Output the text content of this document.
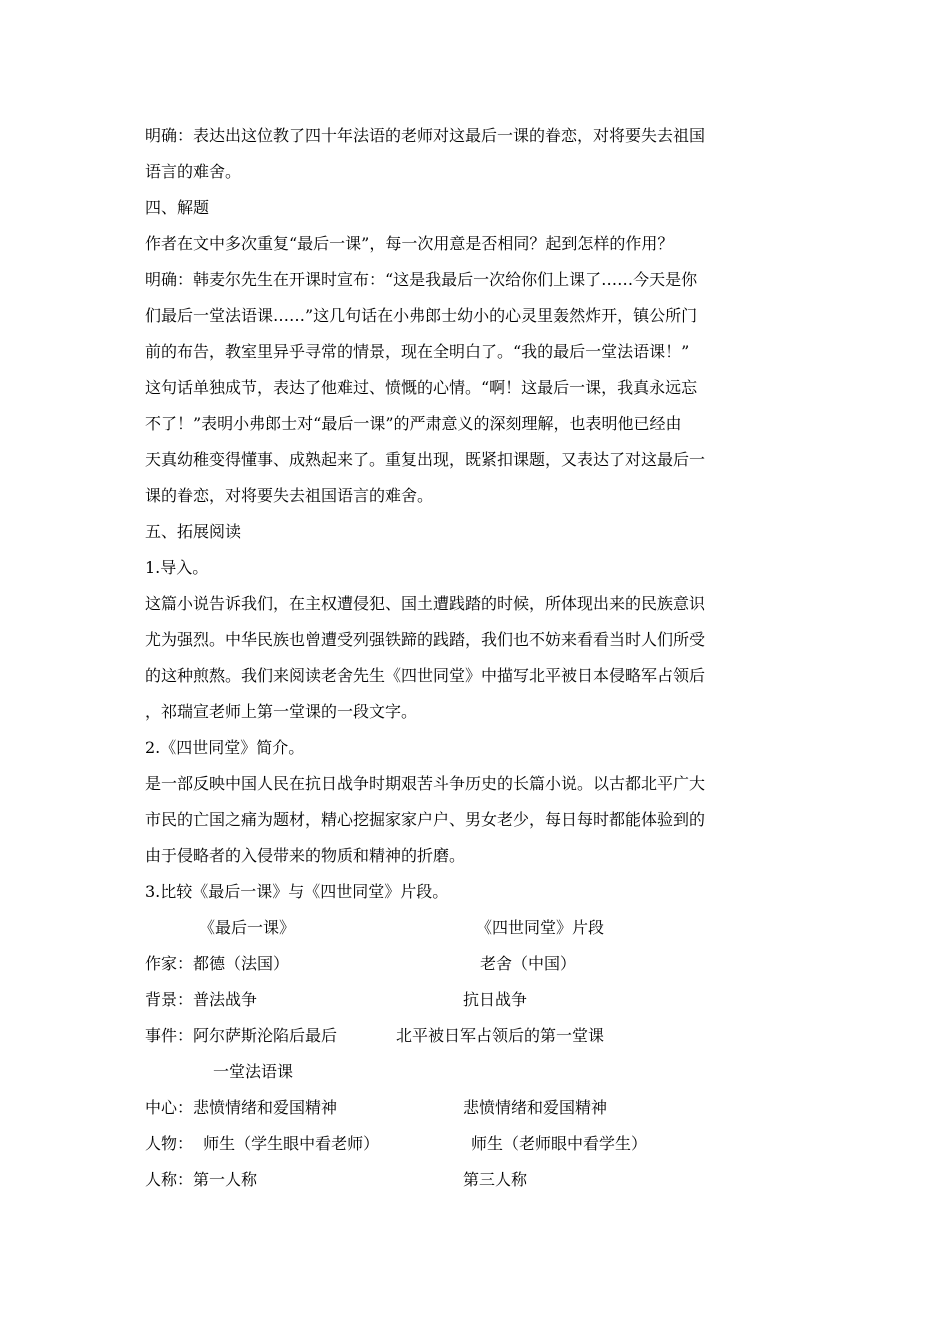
明确：表达出这位教了四十年法语的老师对这最后一课的眷恋，对将要失去祖国
语言的难舍。
四、解题
作者在文中多次重复“最后一课”，每一次用意是否相同？起到怎样的作用？
明确：韩麦尔先生在开课时宣布：“这是我最后一次给你们上课了……今天是你
们最后一堂法语课……”这几句话在小弗郎士幼小的心灵里轰然炸开，镇公所门
前的布告，教室里异乎寻常的情景，现在全明白了。“我的最后一堂法语课！”
这句话单独成节，表达了他难过、愤慨的心情。“啊！这最后一课，我真永远忘
不了！”表明小弗郎士对“最后一课”的严肃意义的深刻理解，也表明他已经由
天真幼稚变得懂事、成熟起来了。重复出现，既紧扣课题，又表达了对这最后一
课的眷恋，对将要失去祖国语言的难舍。
五、拓展阅读
1.导入。
这篇小说告诉我们，在主权遭侵犯、国土遭践踏的时候，所体现出来的民族意识
尤为强烈。中华民族也曾遭受列强铁蹄的践踏，我们也不妨来看看当时人们所受
的这种煎熬。我们来阅读老舍先生《四世同堂》中描写北平被日本侵略军占领后
，祁瑞宣老师上第一堂课的一段文字。
2.《四世同堂》简介。
是一部反映中国人民在抗日战争时期艰苦斗争历史的长篇小说。以古都北平广大
市民的亡国之痛为题材，精心挖掘家家户户、男女老少，每日每时都能体验到的
由于侵略者的入侵带来的物质和精神的折磨。
3.比较《最后一课》与《四世同堂》片段。
《最后一课》	《四世同堂》片段
作家：都德（法国）	老舍（中国）
背景：普法战争	抗日战争
事件：阿尔萨斯沦陷后最后	北平被日军占领后的第一堂课
一堂法语课
中心：悲愤情绪和爱国精神	悲愤情绪和爱国精神
人物：  师生（学生眼中看老师）	师生（老师眼中看学生）
人称：第一人称	第三人称
